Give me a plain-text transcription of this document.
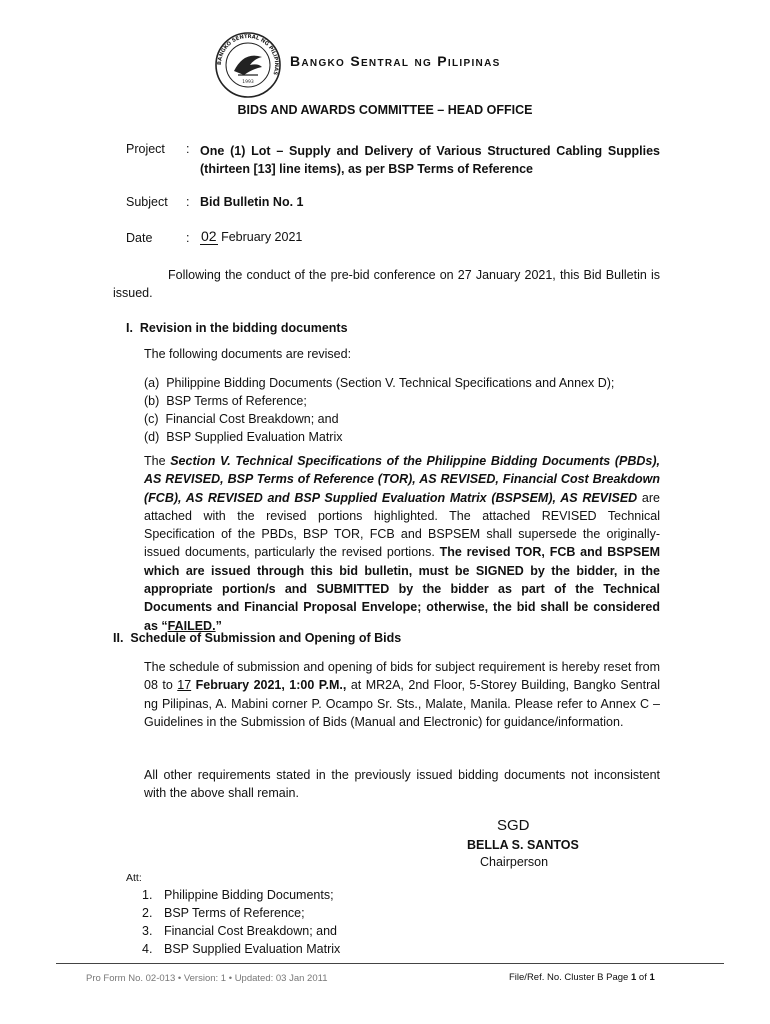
BANGKO SENTRAL NG PILIPINAS
1993
Bangko Sentral ng Pilipinas
BIDS AND AWARDS COMMITTEE – HEAD OFFICE
Project : One (1) Lot – Supply and Delivery of Various Structured Cabling Supplies (thirteen [13] line items), as per BSP Terms of Reference
Subject : Bid Bulletin No. 1
Date	: 02 February 2021
Following the conduct of the pre-bid conference on 27 January 2021, this Bid Bulletin is issued.
I.  Revision in the bidding documents
The following documents are revised:
(a)  Philippine Bidding Documents (Section V. Technical Specifications and Annex D);
(b)  BSP Terms of Reference;
(c)  Financial Cost Breakdown; and
(d)  BSP Supplied Evaluation Matrix
The Section V. Technical Specifications of the Philippine Bidding Documents (PBDs), AS REVISED, BSP Terms of Reference (TOR), AS REVISED, Financial Cost Breakdown (FCB), AS REVISED and BSP Supplied Evaluation Matrix (BSPSEM), AS REVISED are attached with the revised portions highlighted. The attached REVISED Technical Specification of the PBDs, BSP TOR, FCB and BSPSEM shall supersede the originally-issued documents, particularly the revised portions. The revised TOR, FCB and BSPSEM which are issued through this bid bulletin, must be SIGNED by the bidder, in the appropriate portion/s and SUBMITTED by the bidder as part of the Technical Documents and Financial Proposal Envelope; otherwise, the bid shall be considered as “FAILED.”
II.  Schedule of Submission and Opening of Bids
The schedule of submission and opening of bids for subject requirement is hereby reset from 08 to 17 February 2021, 1:00 P.M., at MR2A, 2nd Floor, 5-Storey Building, Bangko Sentral ng Pilipinas, A. Mabini corner P. Ocampo Sr. Sts., Malate, Manila. Please refer to Annex C – Guidelines in the Submission of Bids (Manual and Electronic) for guidance/information.
All other requirements stated in the previously issued bidding documents not inconsistent with the above shall remain.
SGD
BELLA S. SANTOS
Chairperson
Att:
1. Philippine Bidding Documents;
2. BSP Terms of Reference;
3. Financial Cost Breakdown; and
4. BSP Supplied Evaluation Matrix
Pro Form No. 02-013 • Version: 1 • Updated: 03 Jan 2011	File/Ref. No. Cluster B Page 1 of 1
